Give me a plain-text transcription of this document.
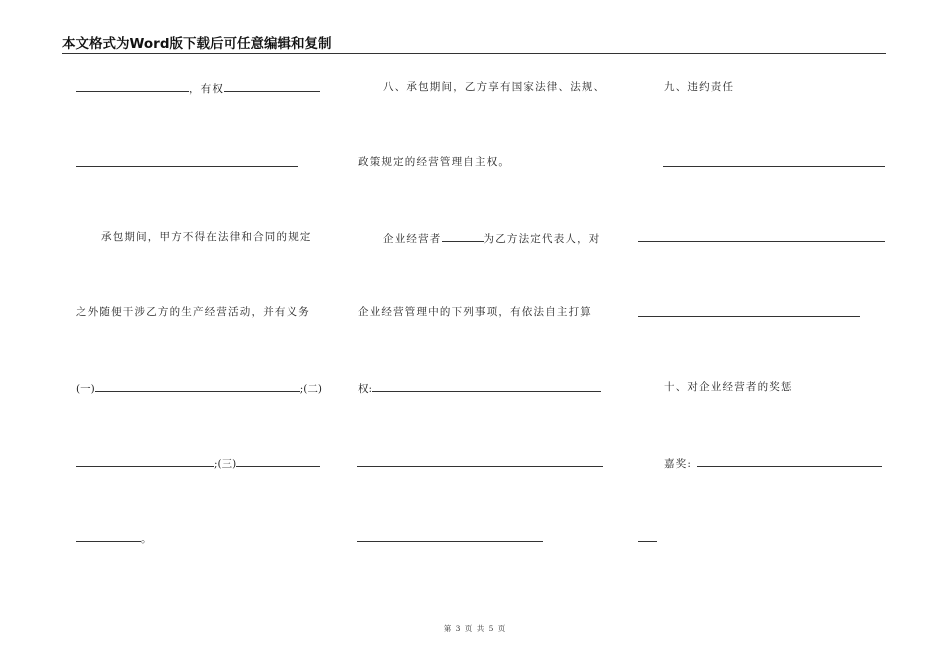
本文格式为Word版下载后可任意编辑和复制
，有权
承包期间，甲方不得在法律和合同的规定
之外随便干涉乙方的生产经营活动，并有义务
(一)	;(二)
;(三)
。
八、承包期间，乙方享有国家法律、法规、
政策规定的经营管理自主权。
企业经营者	为乙方法定代表人，对
企业经营管理中的下列事项，有依法自主打算
权:
九、违约责任
十、对企业经营者的奖惩
嘉奖:
第 3 页 共 5 页
